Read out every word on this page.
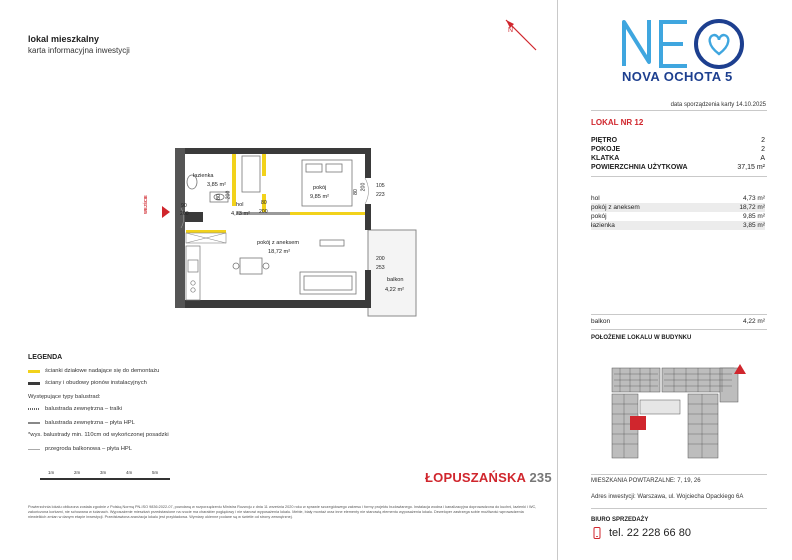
lokal mieszkalny
karta informacyjna inwestycji
N
NOVA OCHOTA 5
data sporządzenia karty 14.10.2025
LOKAL NR 12
PIĘTRO	2
POKOJE	2
KLATKA	A
POWIERZCHNIA UŻYTKOWA	37,15 m²
hol	4,73 m²
pokój z aneksem	18,72 m²
pokój	9,85 m²
łazienka	3,85 m²
balkon	4,22 m²
POŁOŻENIE LOKALU W BUDYNKU
MIESZKANIA POWTARZALNE: 7, 19, 26
Adres inwestycji: Warszawa, ul. Wojciecha Opackiego 6A
BIURO SPRZEDAŻY
tel. 22 228 66 80
WEJŚCIE
łazienka
3,85 m²
hol
4,73 m²
pokój
9,85 m²
pokój z aneksem
18,72 m²
balkon
4,22 m²
90
200
80 200
80
200
80
200 105
223
200
253
LEGENDA
ścianki działowe nadające się do demontażu
ściany i obudowy pionów instalacyjnych
Występujące typy balustrad:
balustrada zewnętrzna – tralki
balustrada zewnętrzna – płyta HPL
*wys. balustrady min. 110cm od wykończonej posadzki
przegroda balkonowa – płyta HPL
1m	2m	3m	4m	5m	ŁOPUSZAŃSKA 235
Powierzchnia lokalu obliczona została zgodnie z Polską Normą PN-ISO 9836:2022-07, powołaną w rozporządzeniu Ministra Rozwoju z dnia 11 września 2020 roku w sprawie szczegółowego zakresu i formy projektu budowlanego. Instalacja wodna i kanalizacyjna doprowadzona do kuchni, łazienki i WC, zakończona korkami, nie schowana w ścianach. Wyposażenie mieszkań przedstawione na rzucie ma charakter poglądowy i nie stanowi wyposażenia lokalu. Meble, biały montaż oraz inne elementy nie stanowią elementu wyposażenia lokalu. Deweloper zastrzega sobie możliwość wprowadzenia niewielkich zmian w danym etapie inwestycji. Przedstawiona aranżacja lokalu jest przykładowa. Wymiary okienne podane są w świetle od strony zewnętrznej.
